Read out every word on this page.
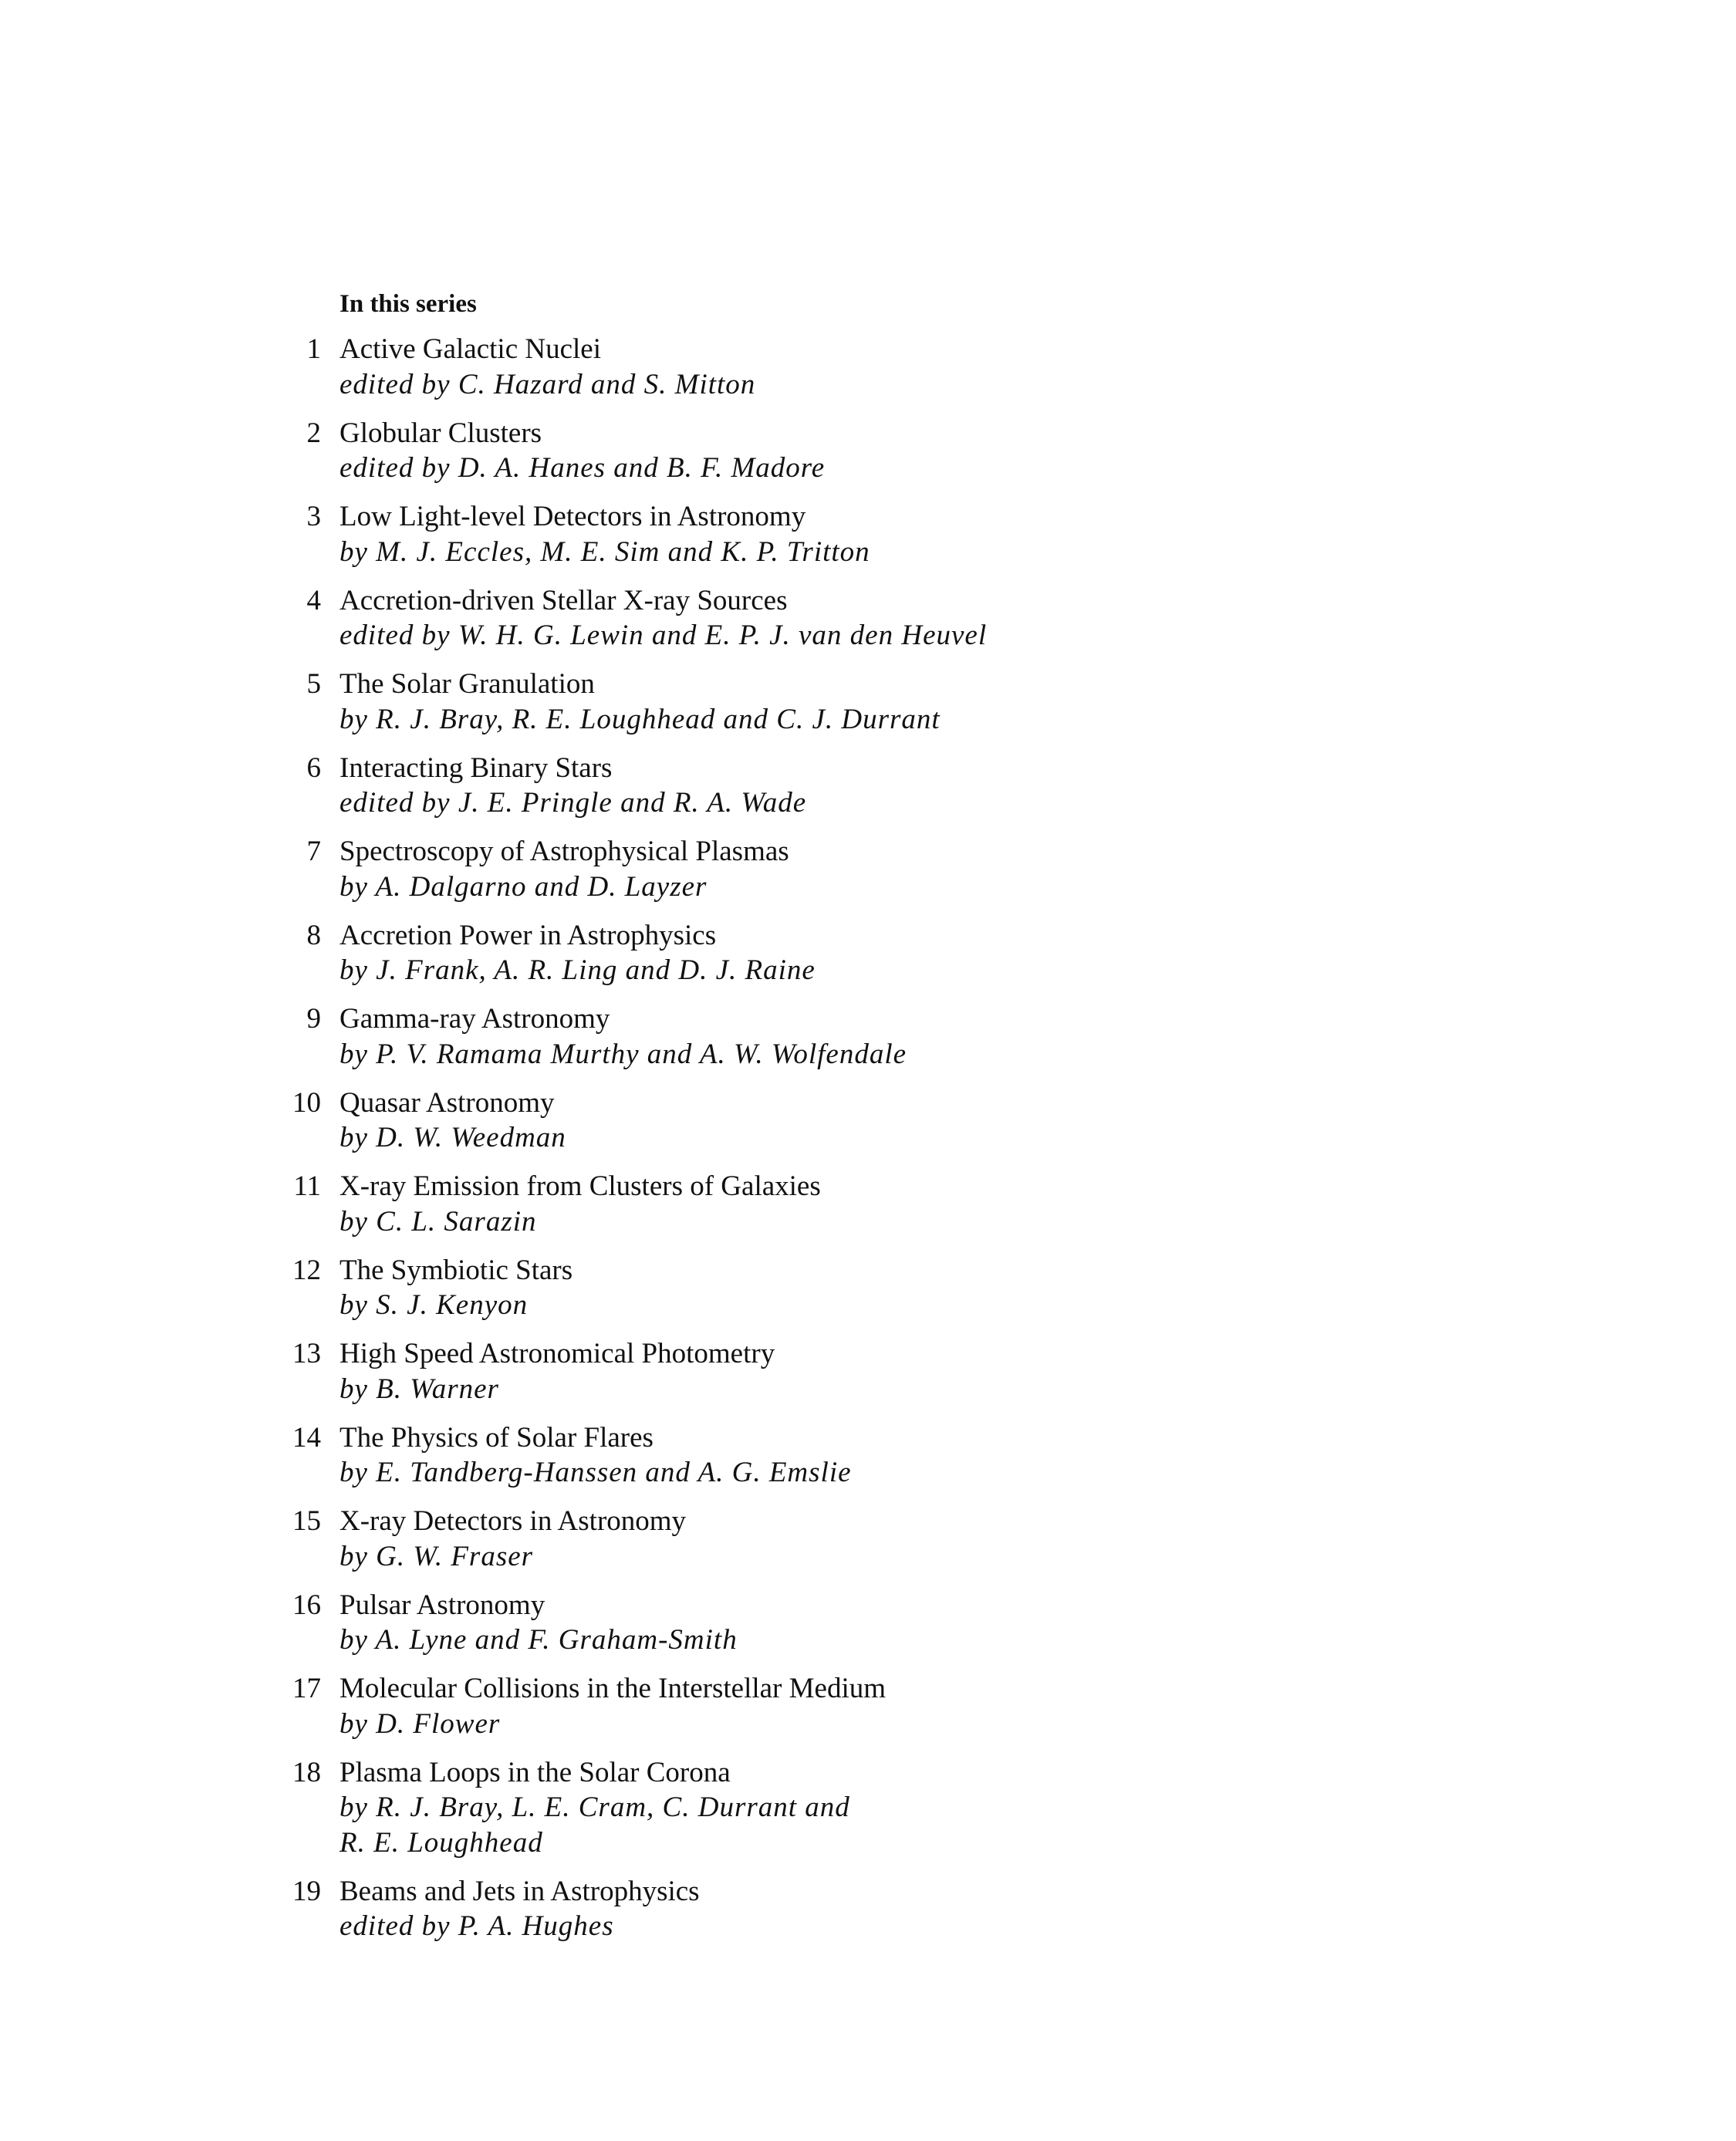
In this series
1 Active Galactic Nuclei
edited by C. Hazard and S. Mitton
2 Globular Clusters
edited by D. A. Hanes and B. F. Madore
3 Low Light-level Detectors in Astronomy
by M. J. Eccles, M. E. Sim and K. P. Tritton
4 Accretion-driven Stellar X-ray Sources
edited by W. H. G. Lewin and E. P. J. van den Heuvel
5 The Solar Granulation
by R. J. Bray, R. E. Loughhead and C. J. Durrant
6 Interacting Binary Stars
edited by J. E. Pringle and R. A. Wade
7 Spectroscopy of Astrophysical Plasmas
by A. Dalgarno and D. Layzer
8 Accretion Power in Astrophysics
by J. Frank, A. R. Ling and D. J. Raine
9 Gamma-ray Astronomy
by P. V. Ramama Murthy and A. W. Wolfendale
10 Quasar Astronomy
by D. W. Weedman
11 X-ray Emission from Clusters of Galaxies
by C. L. Sarazin
12 The Symbiotic Stars
by S. J. Kenyon
13 High Speed Astronomical Photometry
by B. Warner
14 The Physics of Solar Flares
by E. Tandberg-Hanssen and A. G. Emslie
15 X-ray Detectors in Astronomy
by G. W. Fraser
16 Pulsar Astronomy
by A. Lyne and F. Graham-Smith
17 Molecular Collisions in the Interstellar Medium
by D. Flower
18 Plasma Loops in the Solar Corona
by R. J. Bray, L. E. Cram, C. Durrant and
R. E. Loughhead
19 Beams and Jets in Astrophysics
edited by P. A. Hughes
